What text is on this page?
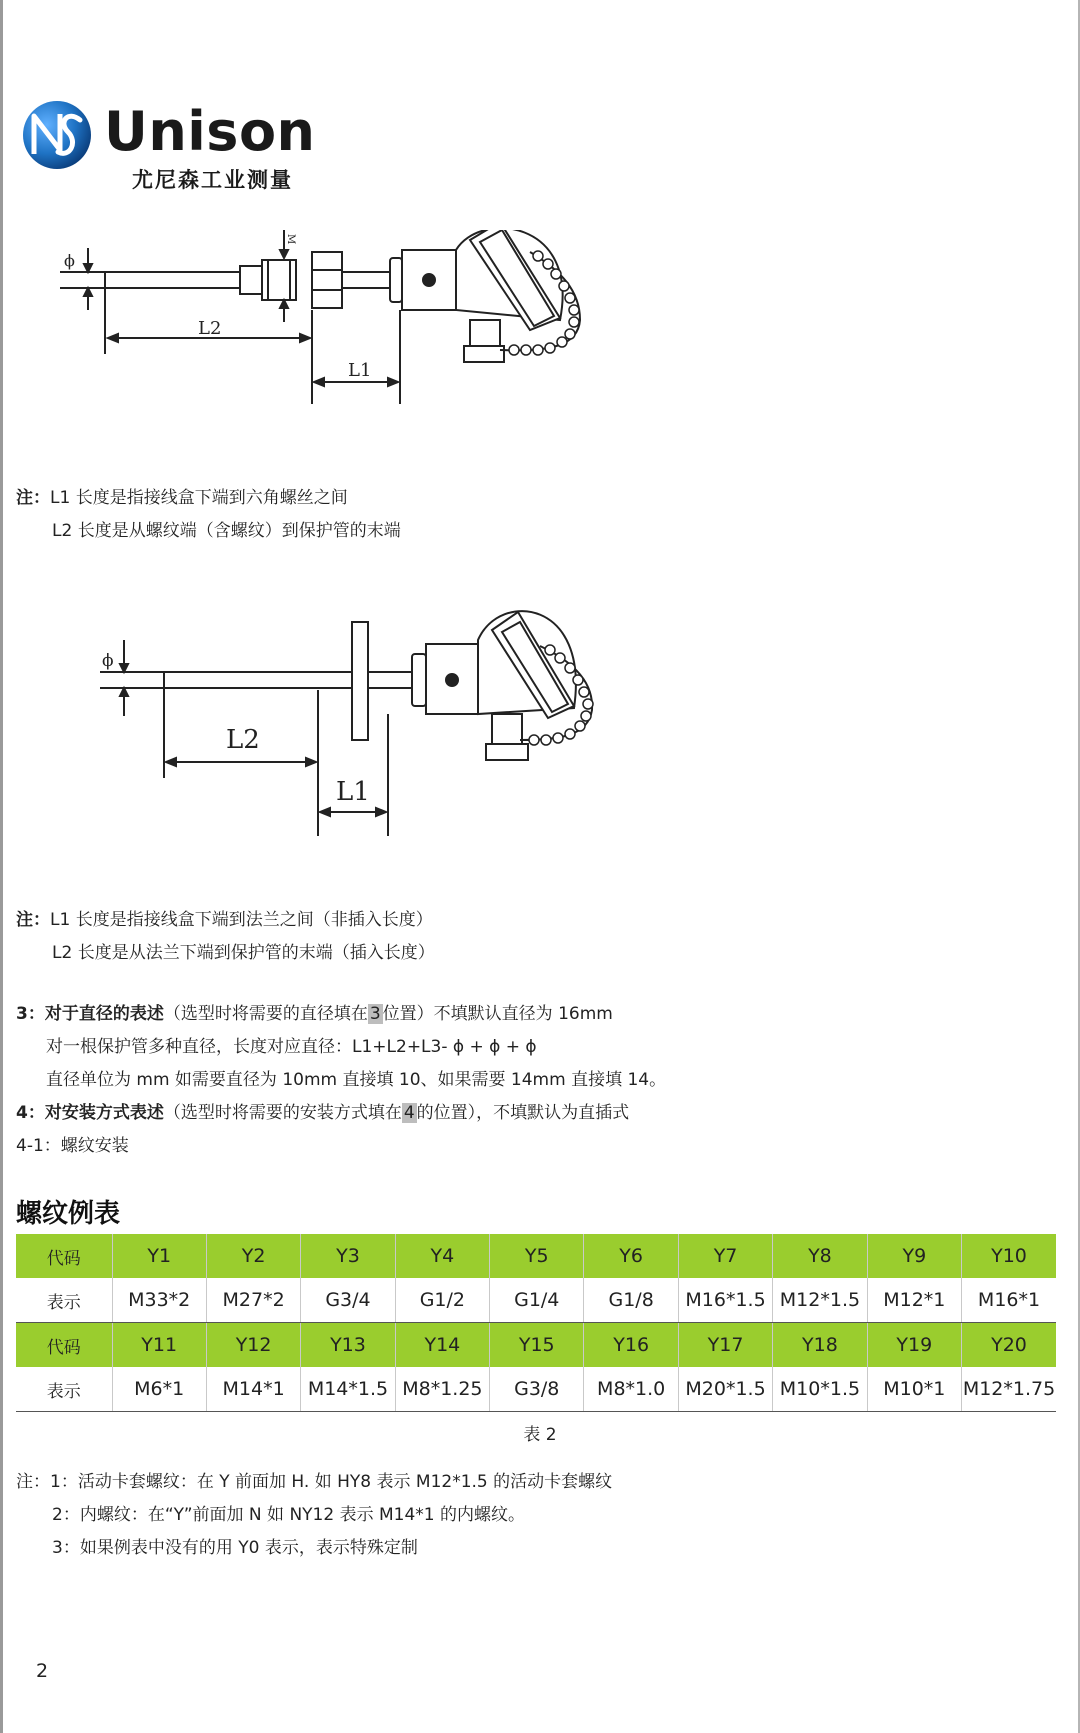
Unison
尤尼森工业测量
ϕ
M
L2
L1
注：L1 长度是指接线盒下端到六角螺丝之间
L2 长度是从螺纹端（含螺纹）到保护管的末端
ϕ
L2
L1
注：L1 长度是指接线盒下端到法兰之间（非插入长度）
L2 长度是从法兰下端到保护管的末端（插入长度）
3：对于直径的表述（选型时将需要的直径填在 3 位置）不填默认直径为 16mm
对一根保护管多种直径，长度对应直径：L1+L2+L3- ϕ + ϕ + ϕ
直径单位为 mm 如需要直径为 10mm 直接填 10、如果需要 14mm 直接填 14。
4：对安装方式表述（选型时将需要的安装方式填在 4 的位置），不填默认为直插式
4-1：螺纹安装
螺纹例表
代码	Y1	Y2	Y3	Y4	Y5	Y6	Y7	Y8	Y9	Y10
表示	M33*2	M27*2	G3/4	G1/2	G1/4	G1/8	M16*1.5	M12*1.5	M12*1	M16*1
代码	Y11	Y12	Y13	Y14	Y15	Y16	Y17	Y18	Y19	Y20
表示	M6*1	M14*1	M14*1.5	M8*1.25	G3/8	M8*1.0	M20*1.5	M10*1.5	M10*1	M12*1.75
表 2
注：1：活动卡套螺纹：在 Y 前面加 H. 如 HY8 表示 M12*1.5 的活动卡套螺纹
2：内螺纹：在“Y”前面加 N 如 NY12 表示 M14*1 的内螺纹。
3：如果例表中没有的用 Y0 表示，表示特殊定制
2
